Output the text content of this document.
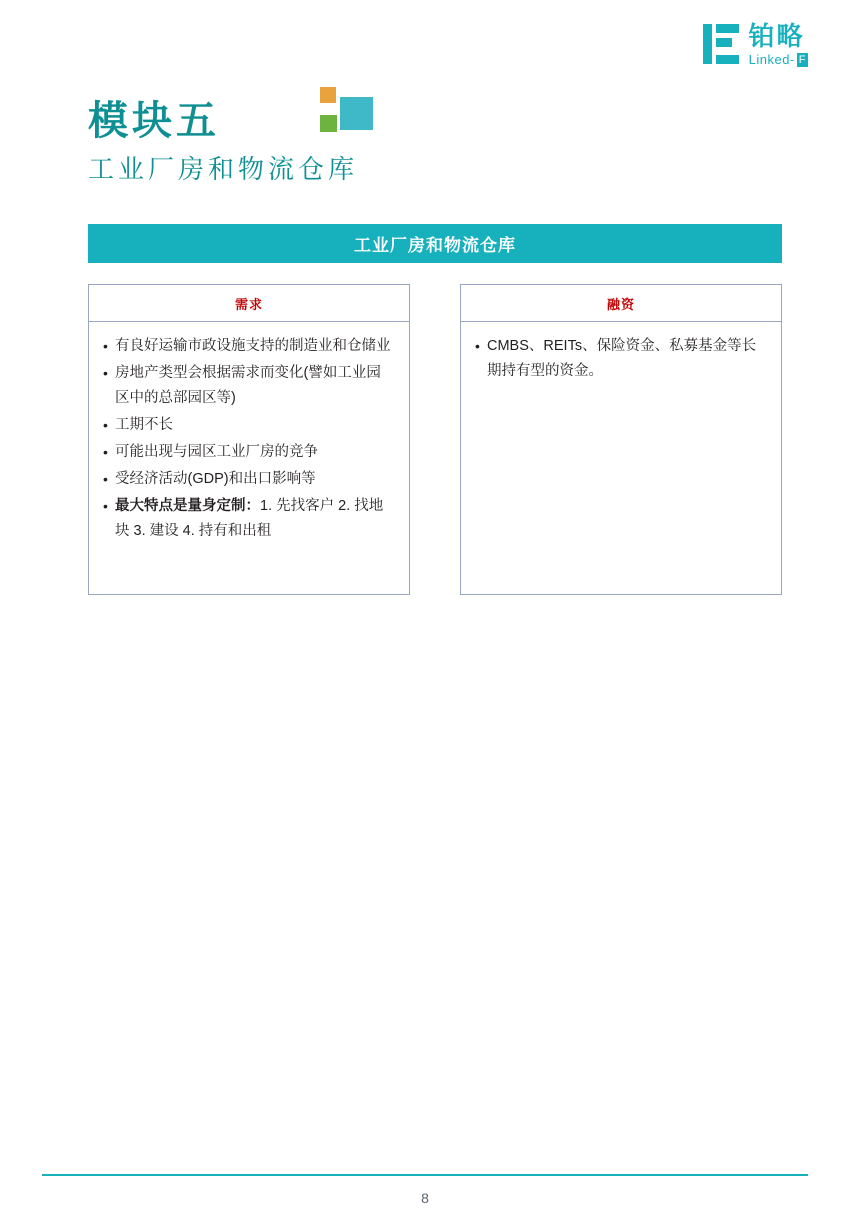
铂略
Linked- F
模块五
工业厂房和物流仓库
工业厂房和物流仓库
需求
• 有良好运输市政设施支持的制造业和仓储业
• 房地产类型会根据需求而变化(譬如工业园区中的总部园区等)
• 工期不长
• 可能出现与园区工业厂房的竞争
• 受经济活动(GDP)和出口影响等
• 最大特点是量身定制：1. 先找客户 2. 找地块 3. 建设 4. 持有和出租
融资
• CMBS、REITs、保险资金、私募基金等长期持有型的资金。
8
